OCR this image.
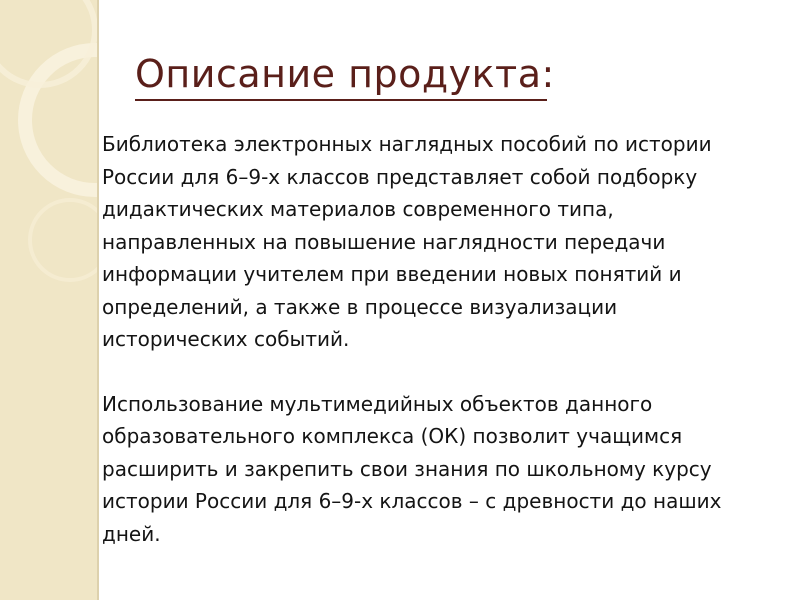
Описание продукта:

Библиотека электронных наглядных пособий по истории России для 6–9-х классов представляет собой подборку дидактических материалов современного типа, направленных на повышение наглядности передачи информации учителем при введении новых понятий и определений, а также в процессе визуализации исторических событий.

Использование мультимедийных объектов данного образовательного комплекса (ОК) позволит учащимся расширить и закрепить свои знания по школьному курсу истории России для 6–9-х классов – с древности до наших дней.
